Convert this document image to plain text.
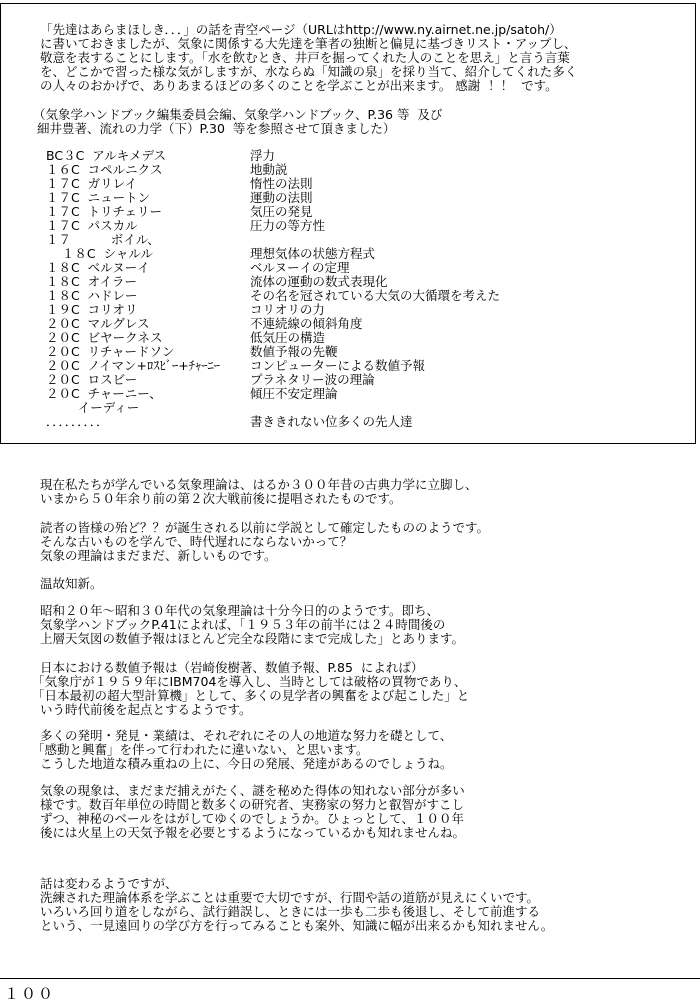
「先達はあらまほしき．．．」の話を青空ページ（URLはhttp://www.ny.airnet.ne.jp/satoh/）
に書いておきましたが、気象に関係する大先達を筆者の独断と偏見に基づきリスト・アップし、
敬意を表することにします。「水を飲むとき、井戸を掘ってくれた人のことを思え」と言う言葉
を、どこかで習った様な気がしますが、水ならぬ「知識の泉」を採り当て、紹介してくれた多く
の人々のおかげで、ありあまるほどの多くのことを学ぶことが出来ます。 感謝  ！！  です。
（気象学ハンドブック編集委員会編、気象学ハンドブック、P.36 等  及び
細井豊著、流れの力学（下）P.30  等を参照させて頂きました）
BC３C  アルキメデス	浮力
１６C  コペルニクス	地動説
１７C  ガリレイ	惰性の法則
１７C  ニュートン	運動の法則
１７C  トリチェリー	気圧の発見
１７C  パスカル	圧力の等方性
１７          ボイル、
１８C  シャルル	理想気体の状態方程式
１８C  ベルヌーイ	ベルヌーイの定理
１８C  オイラー	流体の運動の数式表現化
１８C  ハドレー	その名を冠されている大気の大循環を考えた
１９C  コリオリ	コリオリの力
２０C  マルグレス	不連続線の傾斜角度
２０C  ビヤークネス	低気圧の構造
２０C  リチャードソン	数値予報の先鞭
２０C  ノイマン+ﾛｽﾋﾞｰ+ﾁｬｰﾆｰ コンピューターによる数値予報
２０C  ロスビー	プラネタリー波の理論
２０C  チャーニー、	傾圧不安定理論
イーディー
．．．．．．．．．	書ききれない位多くの先人達
現在私たちが学んでいる気象理論は、はるか３００年昔の古典力学に立脚し、
いまから５０年余り前の第２次大戦前後に提唱されたものです。
読者の皆様の殆ど？？が誕生される以前に学説として確定したもののようです。
そんな古いものを学んで、時代遅れにならないかって？
気象の理論はまだまだ、新しいものです。
温故知新。
昭和２０年～昭和３０年代の気象理論は十分今日的のようです。即ち、
気象学ハンドブックP.41によれば、「１９５３年の前半には２４時間後の
上層天気図の数値予報はほとんど完全な段階にまで完成した」とあります。
日本における数値予報は（岩崎俊樹著、数値予報、P.85  によれば）
「気象庁が１９５９年にIBM704を導入し、当時としては破格の買物であり、
「日本最初の超大型計算機」として、多くの見学者の興奮をよび起こした」と
いう時代前後を起点とするようです。
多くの発明・発見・業績は、それぞれにその人の地道な努力を礎として、
「感動と興奮」を伴って行われたに違いない、と思います。
こうした地道な積み重ねの上に、今日の発展、発達があるのでしょうね。
気象の現象は、まだまだ捕えがたく、謎を秘めた得体の知れない部分が多い
様です。数百年単位の時間と数多くの研究者、実務家の努力と叡智がすこし
ずつ、神秘のベールをはがしてゆくのでしょうか。ひょっとして、１００年
後には火星上の天気予報を必要とするようになっているかも知れませんね。
話は変わるようですが、
洗練された理論体系を学ぶことは重要で大切ですが、行間や話の道筋が見えにくいです。
いろいろ回り道をしながら、試行錯誤し、ときには一歩も二歩も後退し、そして前進する
という、一見遠回りの学び方を行ってみることも案外、知識に幅が出来るかも知れません。
１００
